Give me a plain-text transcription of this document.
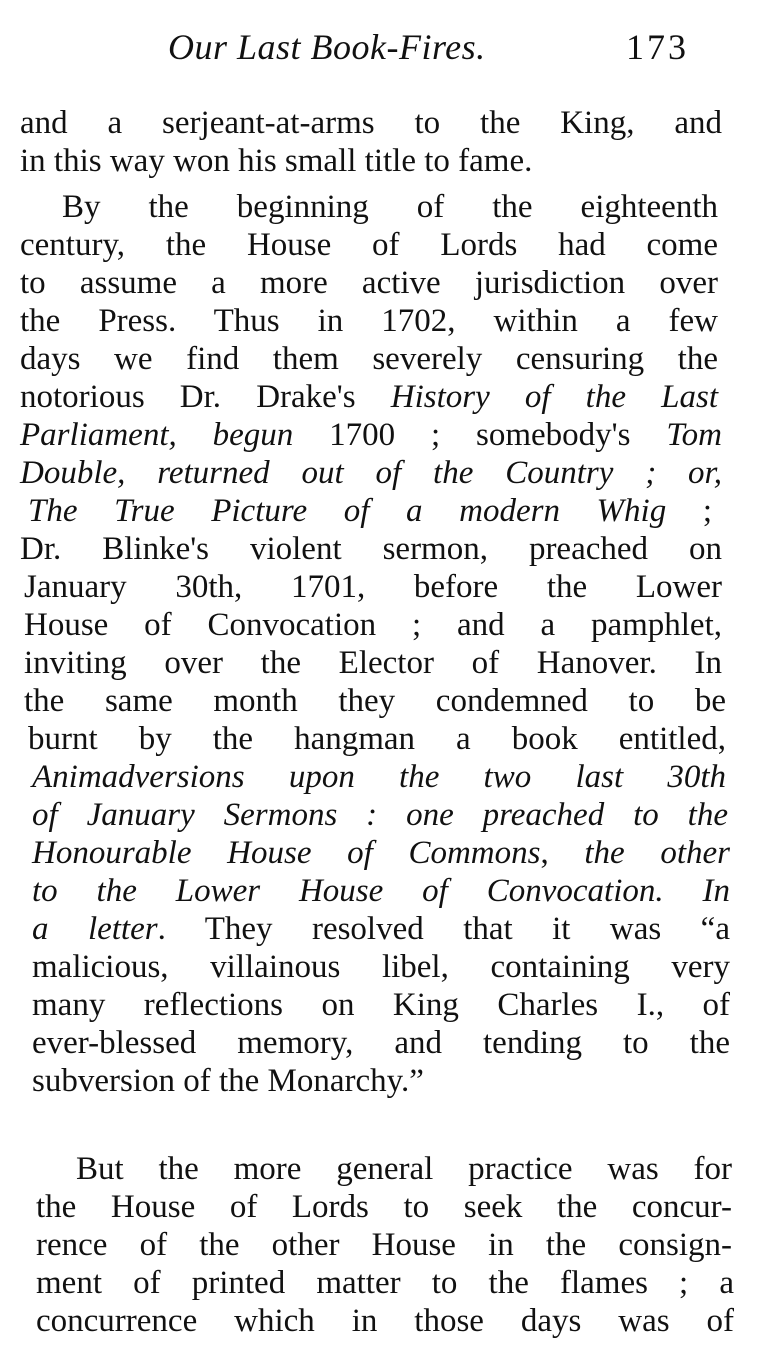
Our Last Book-Fires.	173
and a serjeant-at-arms to the King, and
in this way won his small title to fame.
By the beginning of the eighteenth
century, the House of Lords had come
to assume a more active jurisdiction over
the Press. Thus in 1702, within a few
days we find them severely censuring the
notorious Dr. Drake's History of the Last
Parliament, begun 1700 ; somebody's Tom
Double, returned out of the Country ; or,
The True Picture of a modern Whig ;
Dr. Blinke's violent sermon, preached on
January 30th, 1701, before the Lower
House of Convocation ; and a pamphlet,
inviting over the Elector of Hanover. In
the same month they condemned to be
burnt by the hangman a book entitled,
Animadversions upon the two last 30th
of January Sermons : one preached to the
Honourable House of Commons, the other
to the Lower House of Convocation. In
a letter. They resolved that it was “a
malicious, villainous libel, containing very
many reflections on King Charles I., of
ever-blessed memory, and tending to the
subversion of the Monarchy.”
But the more general practice was for
the House of Lords to seek the concur-
rence of the other House in the consign-
ment of printed matter to the flames ; a
concurrence which in those days was of
